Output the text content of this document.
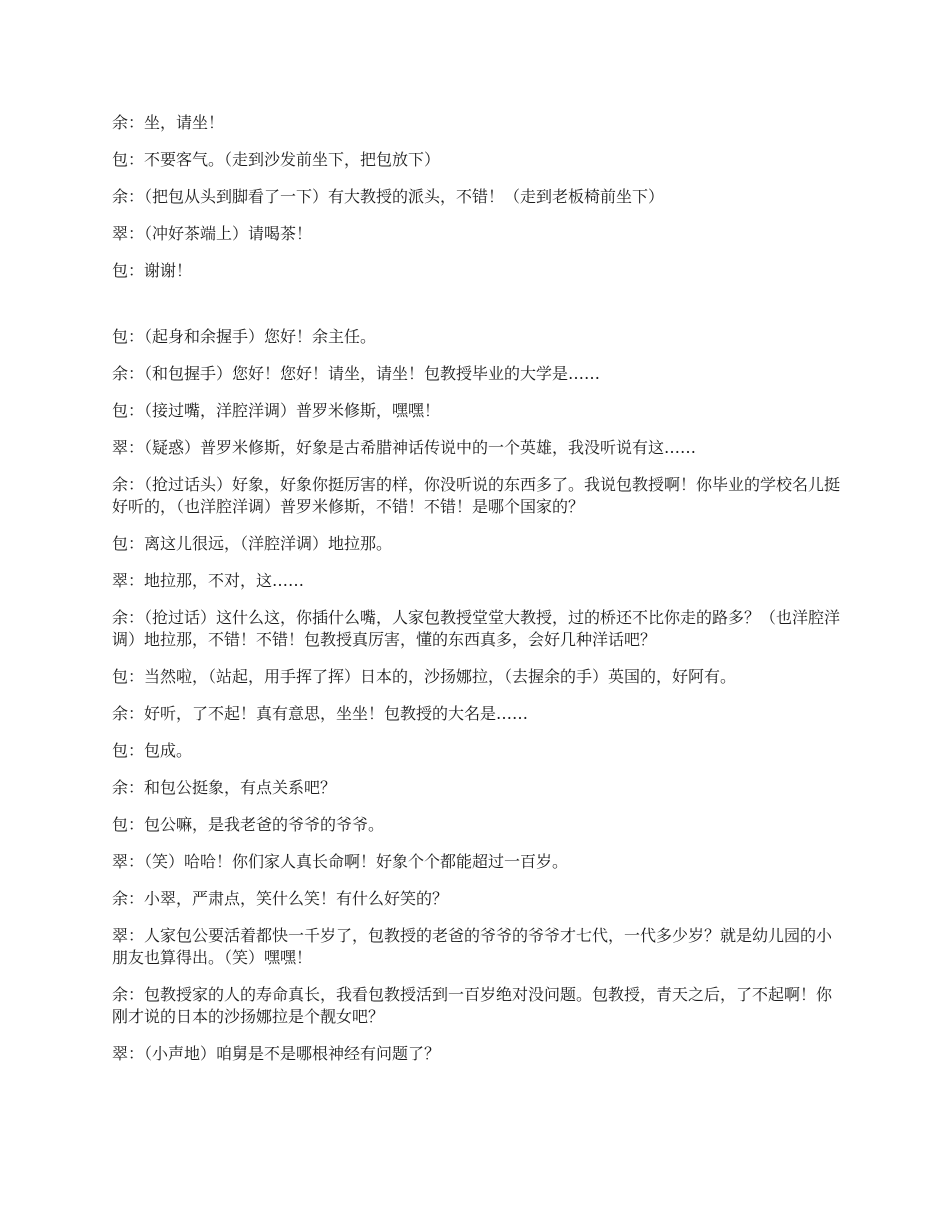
余：坐，请坐！

包：不要客气。（走到沙发前坐下，把包放下）

余：（把包从头到脚看了一下）有大教授的派头，不错！（走到老板椅前坐下）

翠：（冲好茶端上）请喝茶！

包：谢谢！

包：（起身和余握手）您好！余主任。

余：（和包握手）您好！您好！请坐，请坐！包教授毕业的大学是……

包：（接过嘴，洋腔洋调）普罗米修斯，嘿嘿！

翠：（疑惑）普罗米修斯，好象是古希腊神话传说中的一个英雄，我没听说有这……

余：（抢过话头）好象，好象你挺厉害的样，你没听说的东西多了。我说包教授啊！你毕业的学校名儿挺好听的，（也洋腔洋调）普罗米修斯，不错！不错！是哪个国家的？

包：离这儿很远，（洋腔洋调）地拉那。

翠：地拉那，不对，这……

余：（抢过话）这什么这，你插什么嘴，人家包教授堂堂大教授，过的桥还不比你走的路多？（也洋腔洋调）地拉那，不错！不错！包教授真厉害，懂的东西真多，会好几种洋话吧？

包：当然啦，（站起，用手挥了挥）日本的，沙扬娜拉，（去握余的手）英国的，好阿有。

余：好听，了不起！真有意思，坐坐！包教授的大名是……

包：包成。

余：和包公挺象，有点关系吧？

包：包公嘛，是我老爸的爷爷的爷爷。

翠：（笑）哈哈！你们家人真长命啊！好象个个都能超过一百岁。

余：小翠，严肃点，笑什么笑！有什么好笑的？

翠：人家包公要活着都快一千岁了，包教授的老爸的爷爷的爷爷才七代，一代多少岁？就是幼儿园的小朋友也算得出。（笑）嘿嘿！

余：包教授家的人的寿命真长，我看包教授活到一百岁绝对没问题。包教授，青天之后，了不起啊！你刚才说的日本的沙扬娜拉是个靓女吧？

翠：（小声地）咱舅是不是哪根神经有问题了？
